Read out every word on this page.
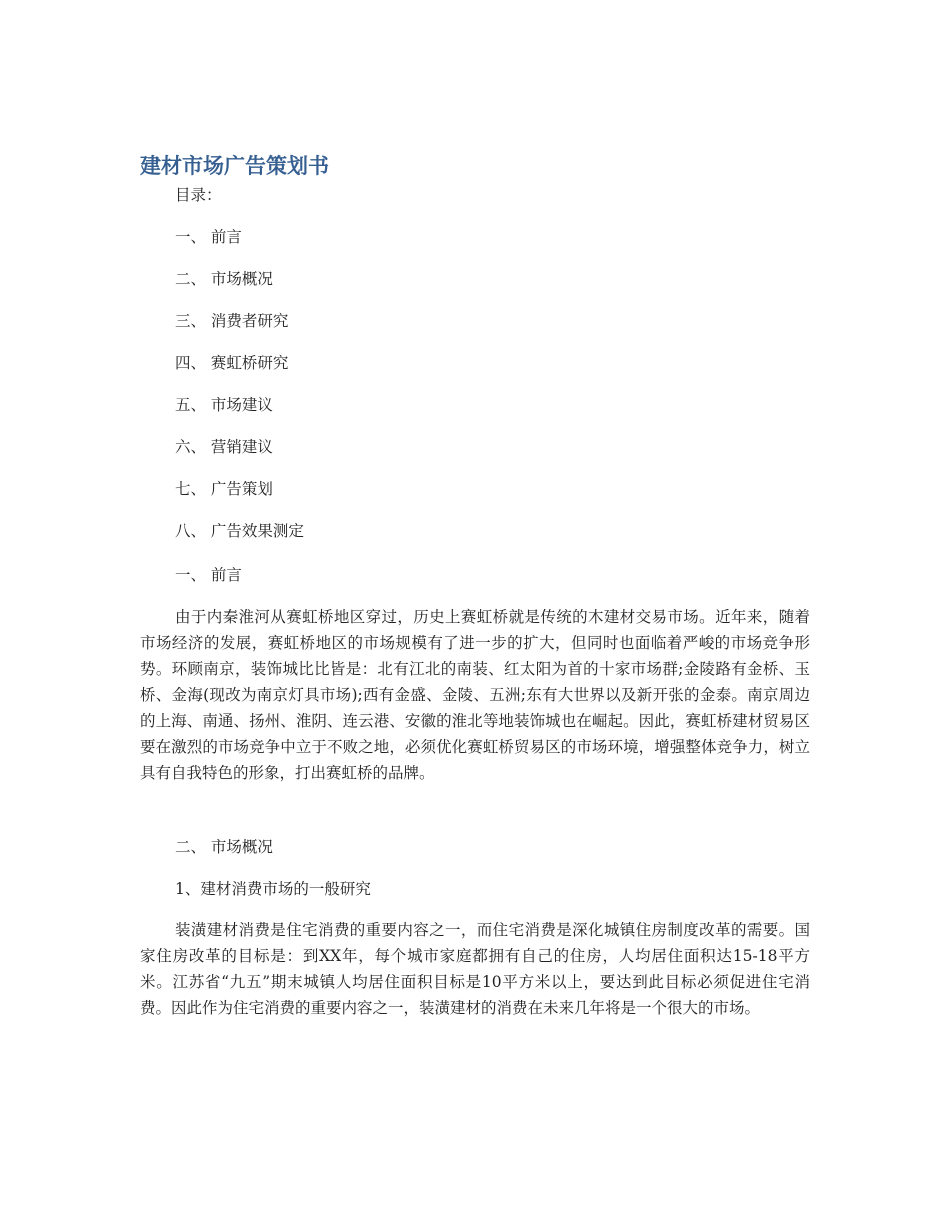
建材市场广告策划书

目录：

一、 前言

二、 市场概况

三、 消费者研究

四、 赛虹桥研究

五、 市场建议

六、 营销建议

七、 广告策划

八、 广告效果测定

一、 前言

由于内秦淮河从赛虹桥地区穿过，历史上赛虹桥就是传统的木建材交易市场。近年来，随着市场经济的发展，赛虹桥地区的市场规模有了进一步的扩大，但同时也面临着严峻的市场竞争形势。环顾南京，装饰城比比皆是：北有江北的南装、红太阳为首的十家市场群;金陵路有金桥、玉桥、金海(现改为南京灯具市场);西有金盛、金陵、五洲;东有大世界以及新开张的金泰。南京周边的上海、南通、扬州、淮阴、连云港、安徽的淮北等地装饰城也在崛起。因此，赛虹桥建材贸易区要在激烈的市场竞争中立于不败之地，必须优化赛虹桥贸易区的市场环境，增强整体竞争力，树立具有自我特色的形象，打出赛虹桥的品牌。

二、 市场概况

1、建材消费市场的一般研究

装潢建材消费是住宅消费的重要内容之一，而住宅消费是深化城镇住房制度改革的需要。国家住房改革的目标是：到XX年，每个城市家庭都拥有自己的住房，人均居住面积达15-18平方米。江苏省“九五”期末城镇人均居住面积目标是10平方米以上，要达到此目标必须促进住宅消费。因此作为住宅消费的重要内容之一，装潢建材的消费在未来几年将是一个很大的市场。
